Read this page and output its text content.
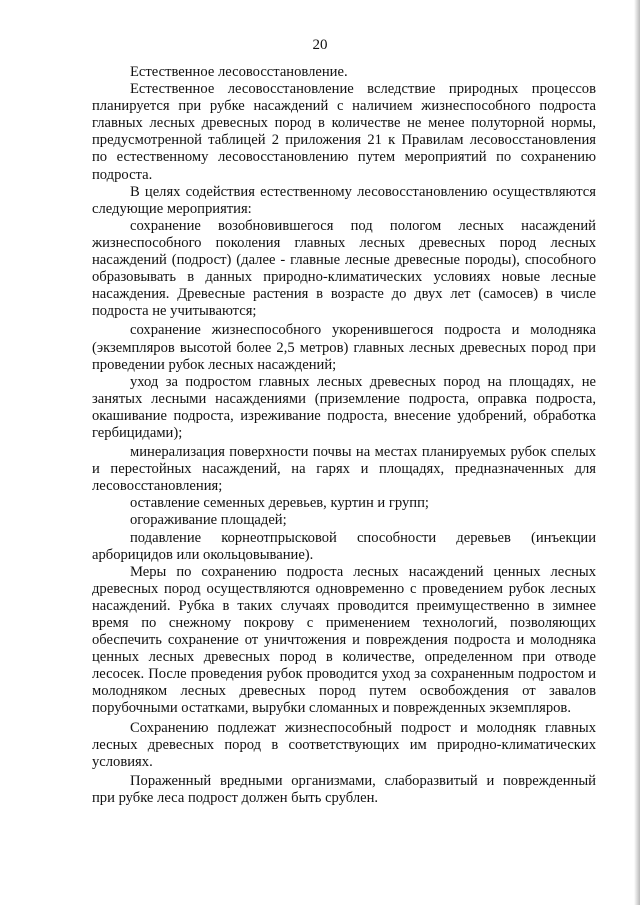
20

Естественное лесовосстановление.

Естественное лесовосстановление вследствие природных процессов планируется при рубке насаждений с наличием жизнеспособного подроста главных лесных древесных пород в количестве не менее полуторной нормы, предусмотренной таблицей 2 приложения 21 к Правилам лесовосстановления по естественному лесовосстановлению путем мероприятий по сохранению подроста.

В целях содействия естественному лесовосстановлению осуществляются следующие мероприятия:

сохранение возобновившегося под пологом лесных насаждений жизнеспособного поколения главных лесных древесных пород лесных насаждений (подрост) (далее - главные лесные древесные породы), способного образовывать в данных природно-климатических условиях новые лесные насаждения. Древесные растения в возрасте до двух лет (самосев) в числе подроста не учитываются;

сохранение жизнеспособного укоренившегося подроста и молодняка (экземпляров высотой более 2,5 метров) главных лесных древесных пород при проведении рубок лесных насаждений;

уход за подростом главных лесных древесных пород на площадях, не занятых лесными насаждениями (приземление подроста, оправка подроста, окашивание подроста, изреживание подроста, внесение удобрений, обработка гербицидами);

минерализация поверхности почвы на местах планируемых рубок спелых и перестойных насаждений, на гарях и площадях, предназначенных для лесовосстановления;

оставление семенных деревьев, куртин и групп;

огораживание площадей;

подавление корнеотпрысковой способности деревьев (инъекции арборицидов или окольцовывание).

Меры по сохранению подроста лесных насаждений ценных лесных древесных пород осуществляются одновременно с проведением рубок лесных насаждений. Рубка в таких случаях проводится преимущественно в зимнее время по снежному покрову с применением технологий, позволяющих обеспечить сохранение от уничтожения и повреждения подроста и молодняка ценных лесных древесных пород в количестве, определенном при отводе лесосек. После проведения рубок проводится уход за сохраненным подростом и молодняком лесных древесных пород путем освобождения от завалов порубочными остатками, вырубки сломанных и поврежденных экземпляров.

Сохранению подлежат жизнеспособный подрост и молодняк главных лесных древесных пород в соответствующих им природно-климатических условиях.

Пораженный вредными организмами, слаборазвитый и поврежденный при рубке леса подрост должен быть срублен.
